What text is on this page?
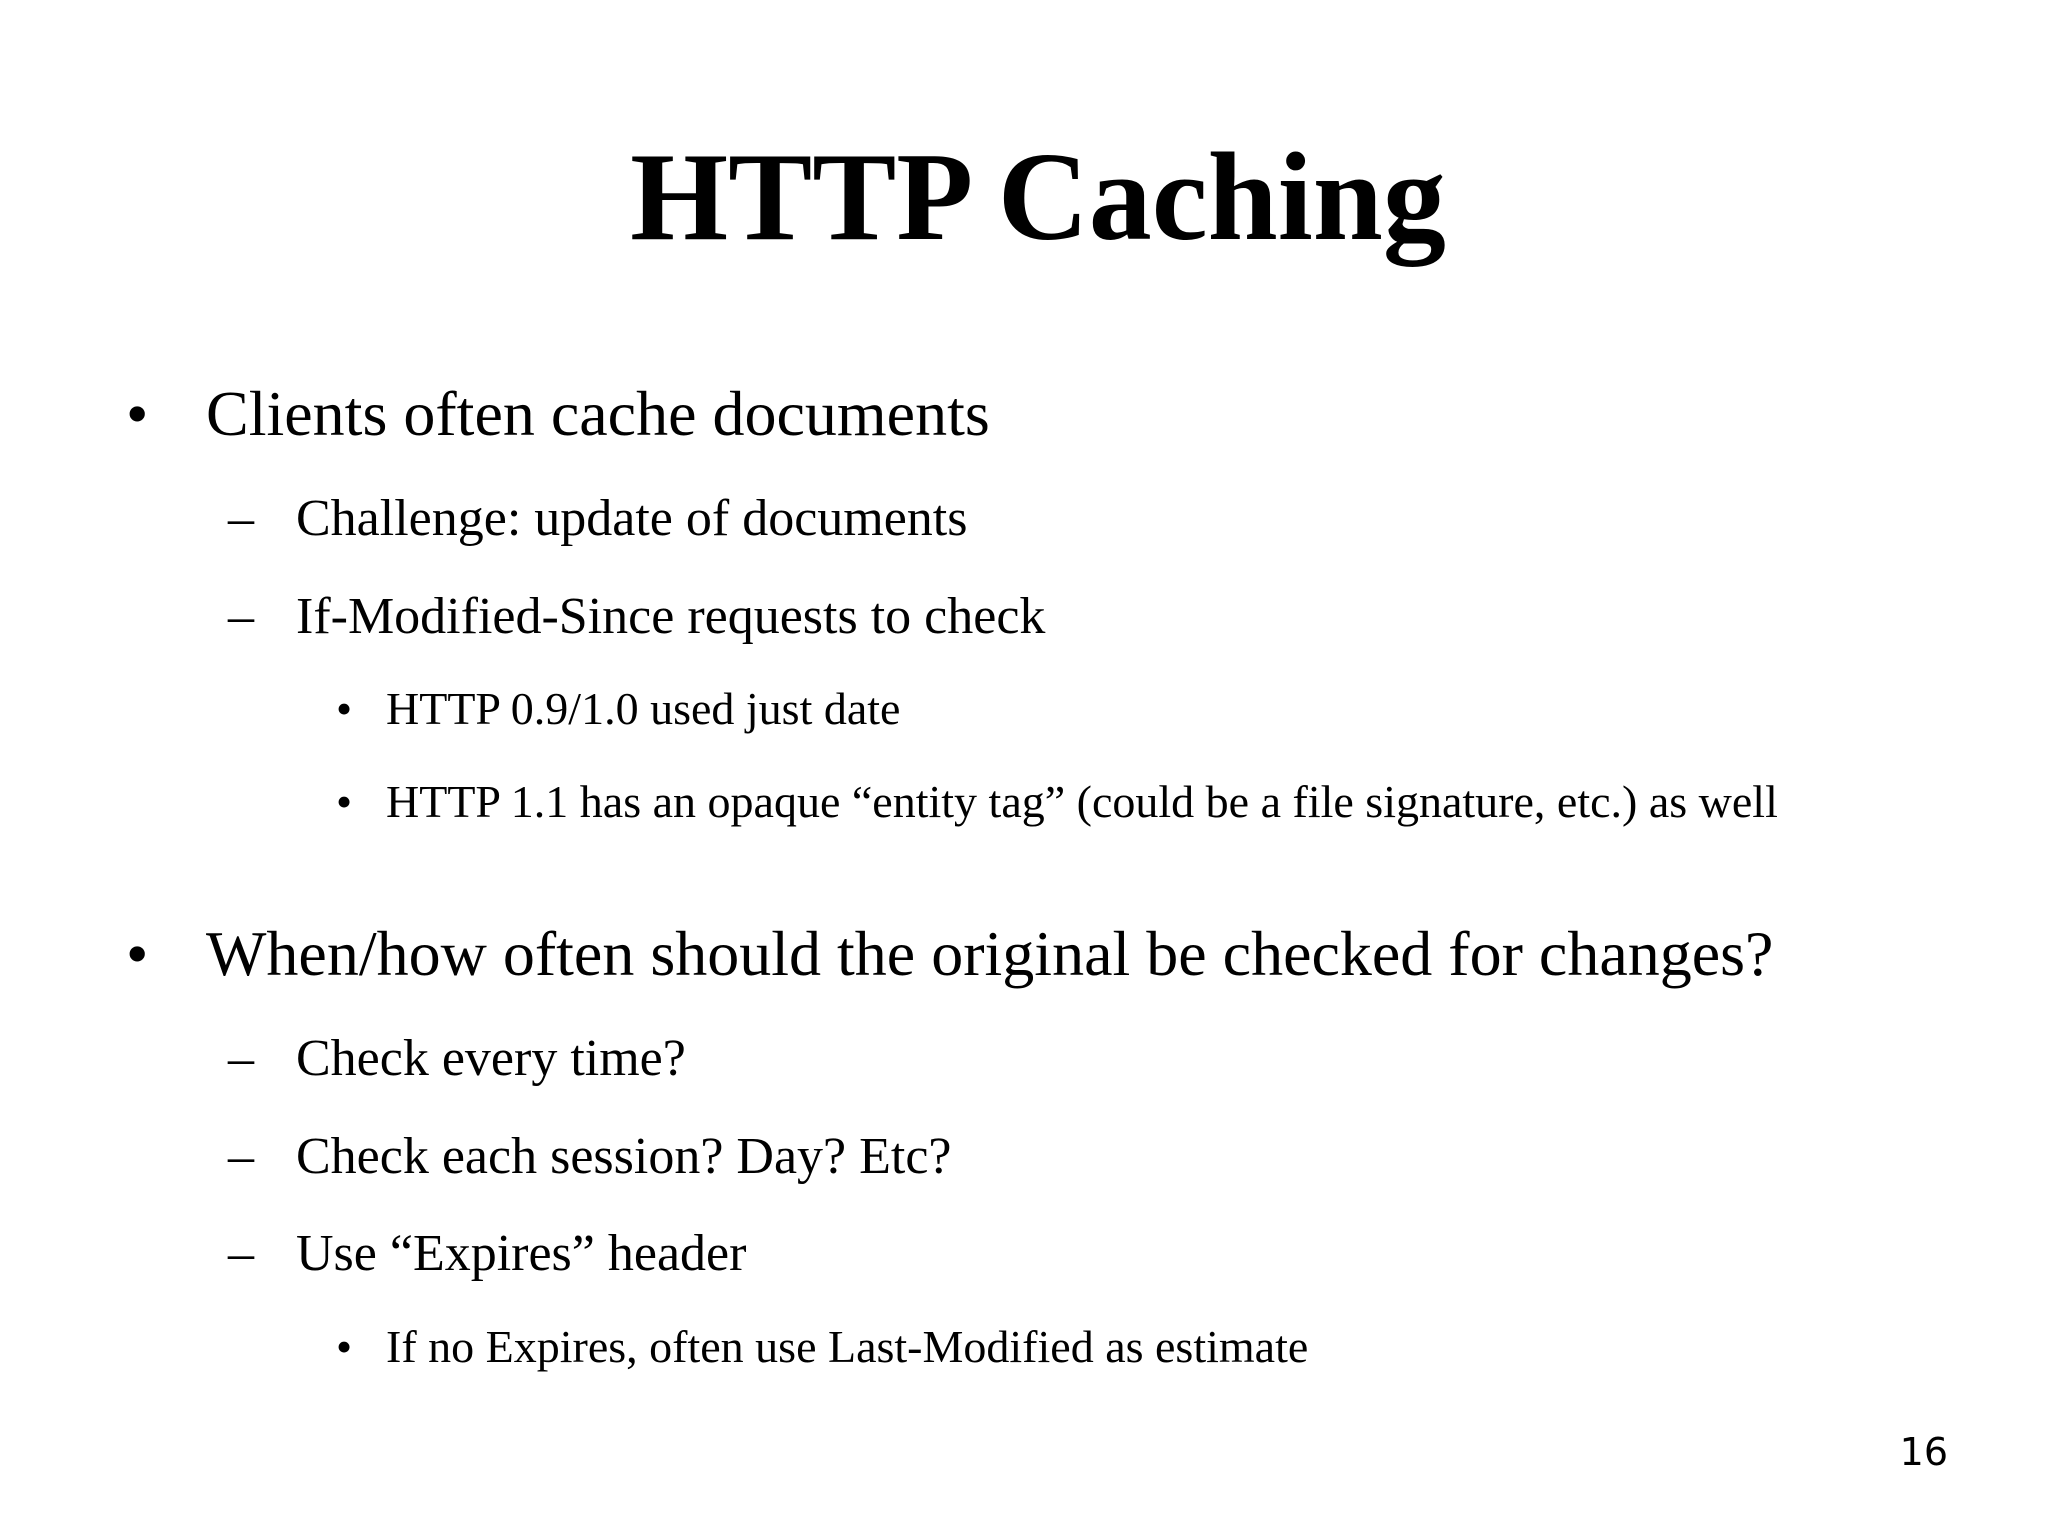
HTTP Caching
• Clients often cache documents
– Challenge: update of documents
– If-Modified-Since requests to check
• HTTP 0.9/1.0 used just date
• HTTP 1.1 has an opaque “entity tag” (could be a file signature, etc.) as well
• When/how often should the original be checked for changes?
– Check every time?
– Check each session? Day? Etc?
– Use “Expires” header
• If no Expires, often use Last-Modified as estimate
16
